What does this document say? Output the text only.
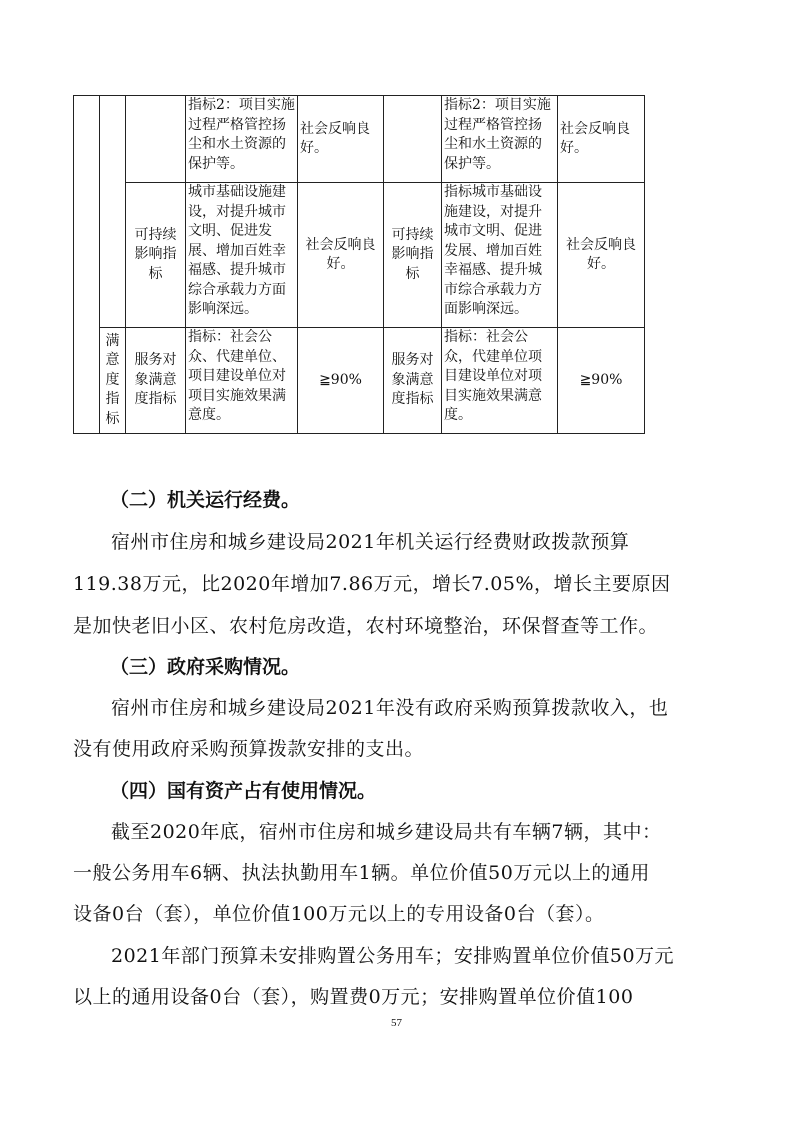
			指标2：项目实施过程严格管控扬尘和水土资源的保护等。	社会反响良好。		指标2：项目实施过程严格管控扬尘和水土资源的保护等。	社会反响良好。
		可持续影响指标	城市基础设施建设，对提升城市文明、促进发展、增加百姓幸福感、提升城市综合承载力方面影响深远。	社会反响良好。	可持续影响指标	指标城市基础设施建设，对提升城市文明、促进发展、增加百姓幸福感、提升城市综合承载力方面影响深远。	社会反响良好。
	满意度指标	服务对象满意度指标	指标：社会公众、代建单位、项目建设单位对项目实施效果满意度。	≧90%	服务对象满意度指标	指标：社会公众，代建单位项目建设单位对项目实施效果满意度。	≧90%
（二）机关运行经费。
宿州市住房和城乡建设局2021年机关运行经费财政拨款预算
119.38万元，比2020年增加7.86万元，增长7.05%，增长主要原因
是加快老旧小区、农村危房改造，农村环境整治，环保督查等工作。
（三）政府采购情况。
宿州市住房和城乡建设局2021年没有政府采购预算拨款收入，也
没有使用政府采购预算拨款安排的支出。
（四）国有资产占有使用情况。
截至2020年底，宿州市住房和城乡建设局共有车辆7辆，其中：
一般公务用车6辆、执法执勤用车1辆。单位价值50万元以上的通用
设备0台（套），单位价值100万元以上的专用设备0台（套）。
2021年部门预算未安排购置公务用车；安排购置单位价值50万元
以上的通用设备0台（套），购置费0万元；安排购置单位价值100
57
